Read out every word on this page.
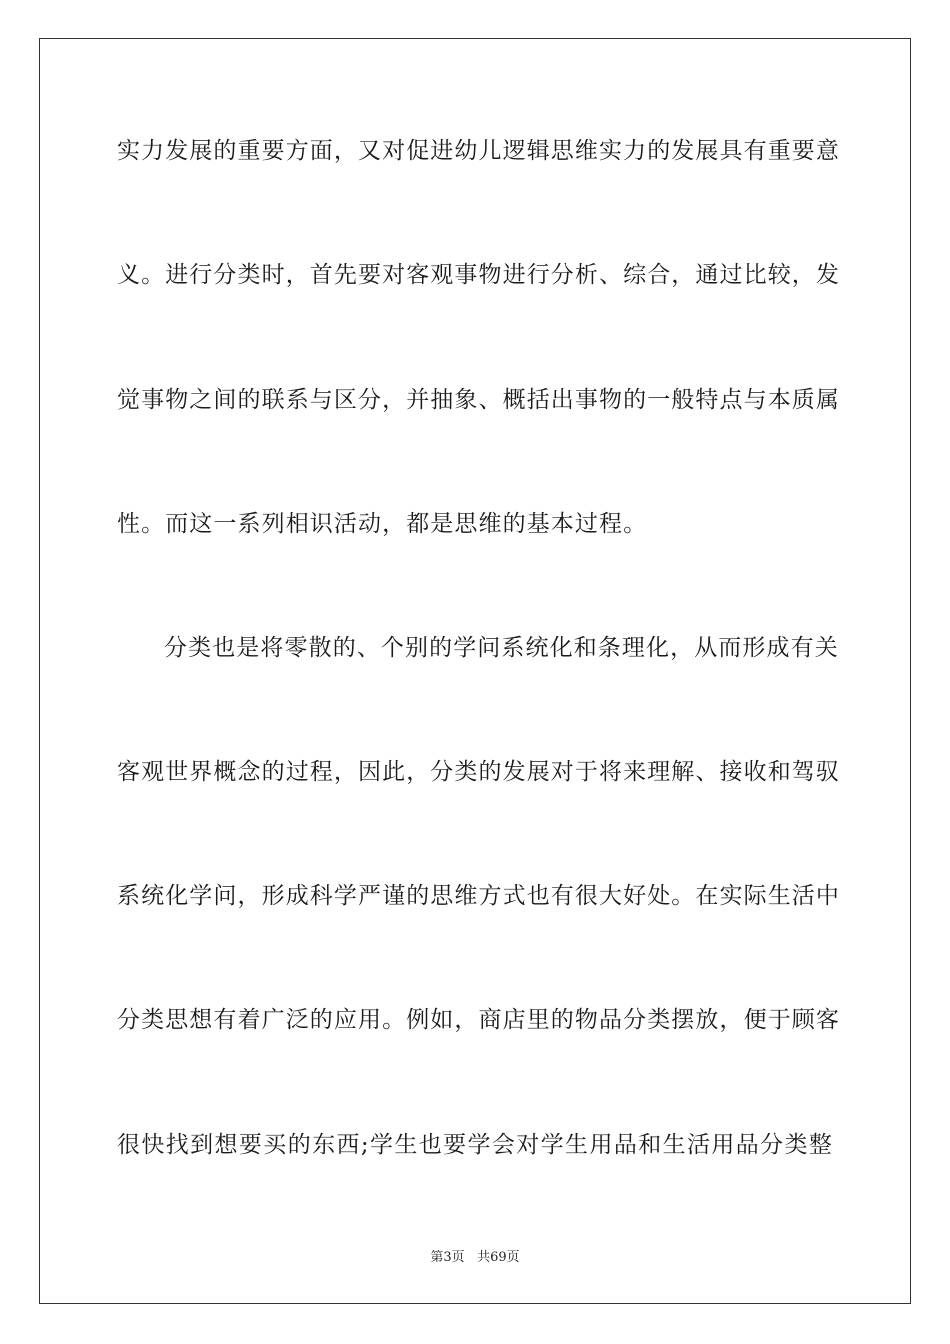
实力发展的重要方面，又对促进幼儿逻辑思维实力的发展具有重要意
义。进行分类时，首先要对客观事物进行分析、综合，通过比较，发
觉事物之间的联系与区分，并抽象、概括出事物的一般特点与本质属
性。而这一系列相识活动，都是思维的基本过程。
分类也是将零散的、个别的学问系统化和条理化，从而形成有关
客观世界概念的过程，因此，分类的发展对于将来理解、接收和驾驭
系统化学问，形成科学严谨的思维方式也有很大好处。在实际生活中
分类思想有着广泛的应用。例如，商店里的物品分类摆放，便于顾客
很快找到想要买的东西;学生也要学会对学生用品和生活用品分类整
第3页 共69页
